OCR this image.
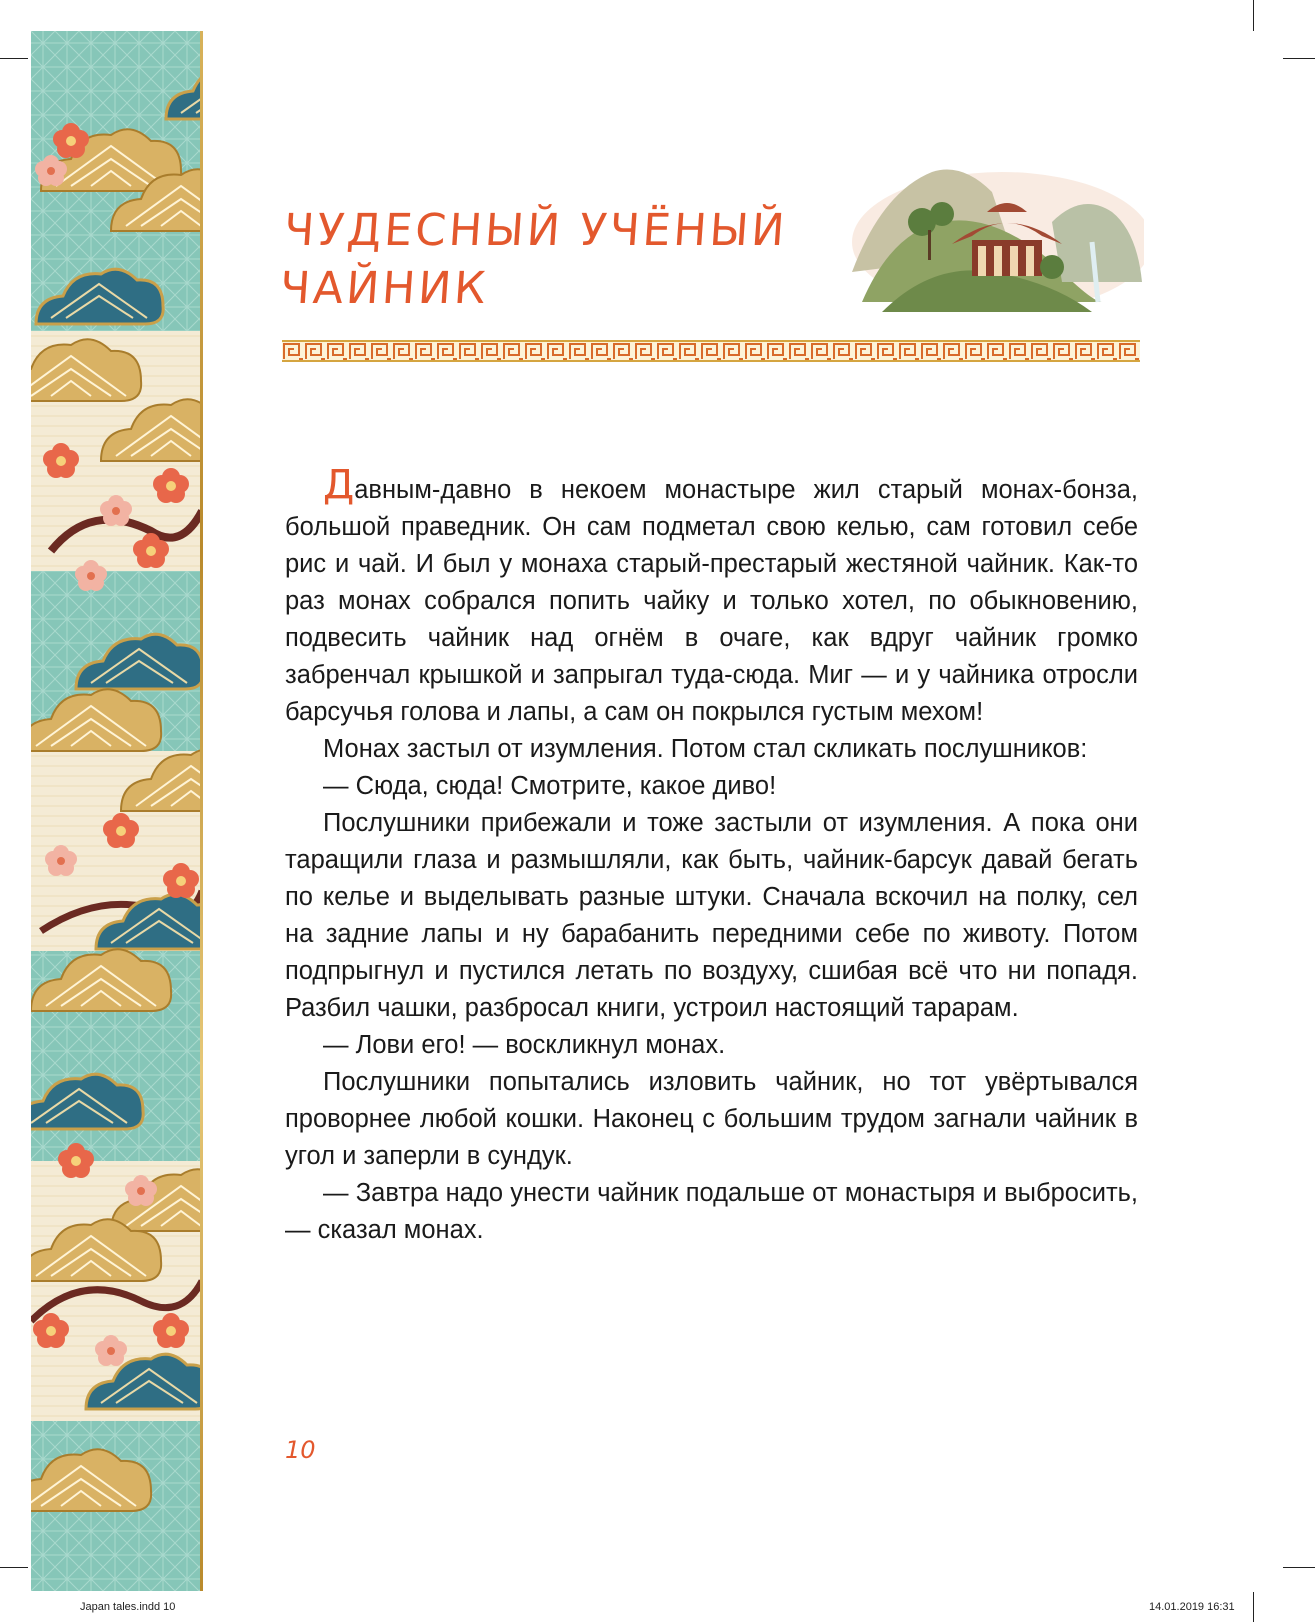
ЧУДЕСНЫЙ УЧЁНЫЙ
ЧАЙНИК

Давным-давно в некоем монастыре жил старый монах-бонза, большой праведник. Он сам подметал свою келью, сам готовил себе рис и чай. И был у монаха старый-престарый жестяной чайник. Как-то раз монах собрался попить чайку и только хотел, по обыкновению, подвесить чайник над огнём в очаге, как вдруг чайник громко забренчал крышкой и запрыгал туда-сюда. Миг — и у чайника отросли барсучья голова и лапы, а сам он покрылся густым мехом!

Монах застыл от изумления. Потом стал скликать послушников:

— Сюда, сюда! Смотрите, какое диво!

Послушники прибежали и тоже застыли от изумления. А пока они таращили глаза и размышляли, как быть, чайник-барсук давай бегать по келье и выделывать разные штуки. Сначала вскочил на полку, сел на задние лапы и ну барабанить передними себе по животу. Потом подпрыгнул и пустился летать по воздуху, сшибая всё что ни попадя. Разбил чашки, разбросал книги, устроил настоящий тарарам.

— Лови его! — воскликнул монах.

Послушники попытались изловить чайник, но тот увёртывался проворнее любой кошки. Наконец с большим трудом загнали чайник в угол и заперли в сундук.

— Завтра надо унести чайник подальше от монастыря и выбросить, — сказал монах.

10
Japan tales.indd 10	14.01.2019 16:31
